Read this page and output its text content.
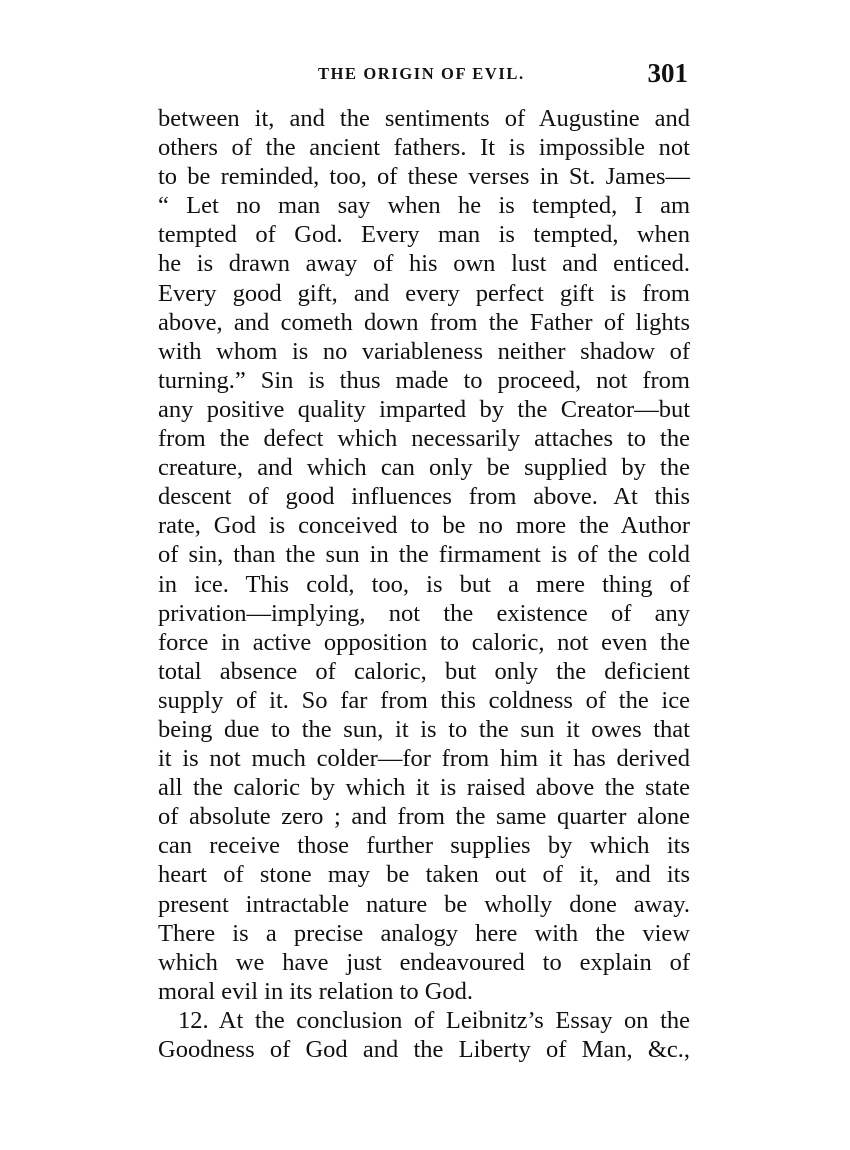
THE ORIGIN OF EVIL.	301
between it, and the sentiments of Augustine and
others of the ancient fathers. It is impossible not
to be reminded, too, of these verses in St. James—
“ Let no man say when he is tempted, I am
tempted of God. Every man is tempted, when
he is drawn away of his own lust and enticed.
Every good gift, and every perfect gift is from
above, and cometh down from the Father of lights
with whom is no variableness neither shadow of
turning.” Sin is thus made to proceed, not from
any positive quality imparted by the Creator—but
from the defect which necessarily attaches to the
creature, and which can only be supplied by the
descent of good influences from above. At this
rate, God is conceived to be no more the Author
of sin, than the sun in the firmament is of the cold
in ice. This cold, too, is but a mere thing of
privation—implying, not the existence of any
force in active opposition to caloric, not even the
total absence of caloric, but only the deficient
supply of it. So far from this coldness of the ice
being due to the sun, it is to the sun it owes that
it is not much colder—for from him it has derived
all the caloric by which it is raised above the state
of absolute zero ; and from the same quarter alone
can receive those further supplies by which its
heart of stone may be taken out of it, and its
present intractable nature be wholly done away.
There is a precise analogy here with the view
which we have just endeavoured to explain of
moral evil in its relation to God.
12. At the conclusion of Leibnitz’s Essay on the
Goodness of God and the Liberty of Man, &c.,
